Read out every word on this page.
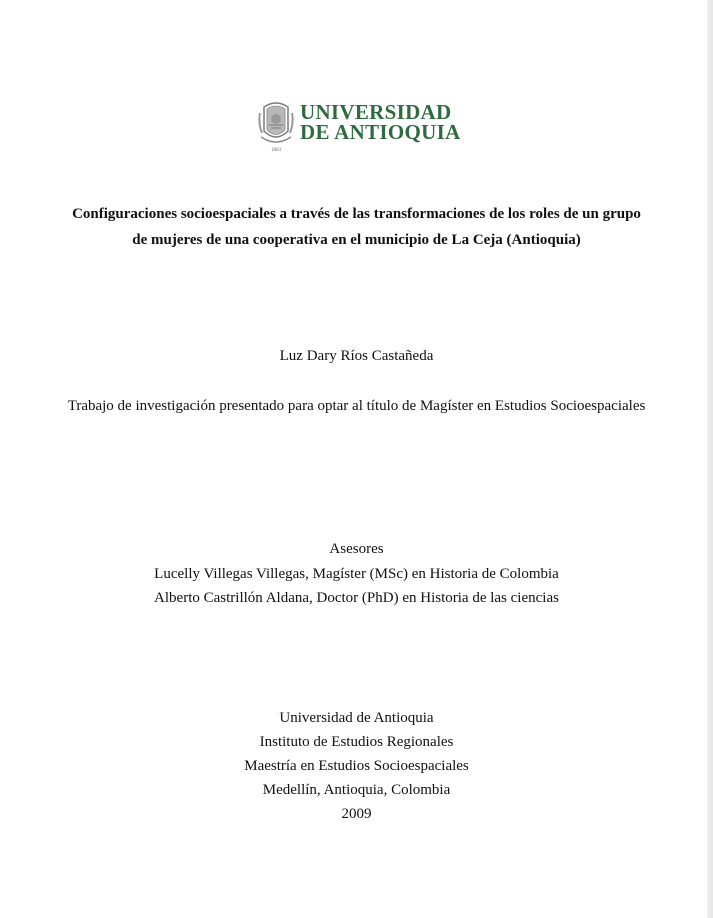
1803
UNIVERSIDAD
DE ANTIOQUIA
Configuraciones socioespaciales a través de las transformaciones de los roles de un grupo
de mujeres de una cooperativa en el municipio de La Ceja (Antioquia)
Luz Dary Ríos Castañeda
Trabajo de investigación presentado para optar al título de Magíster en Estudios Socioespaciales
Asesores
Lucelly Villegas Villegas, Magíster (MSc) en Historia de Colombia
Alberto Castrillón Aldana, Doctor (PhD) en Historia de las ciencias
Universidad de Antioquia
Instituto de Estudios Regionales
Maestría en Estudios Socioespaciales
Medellín, Antioquia, Colombia
2009
